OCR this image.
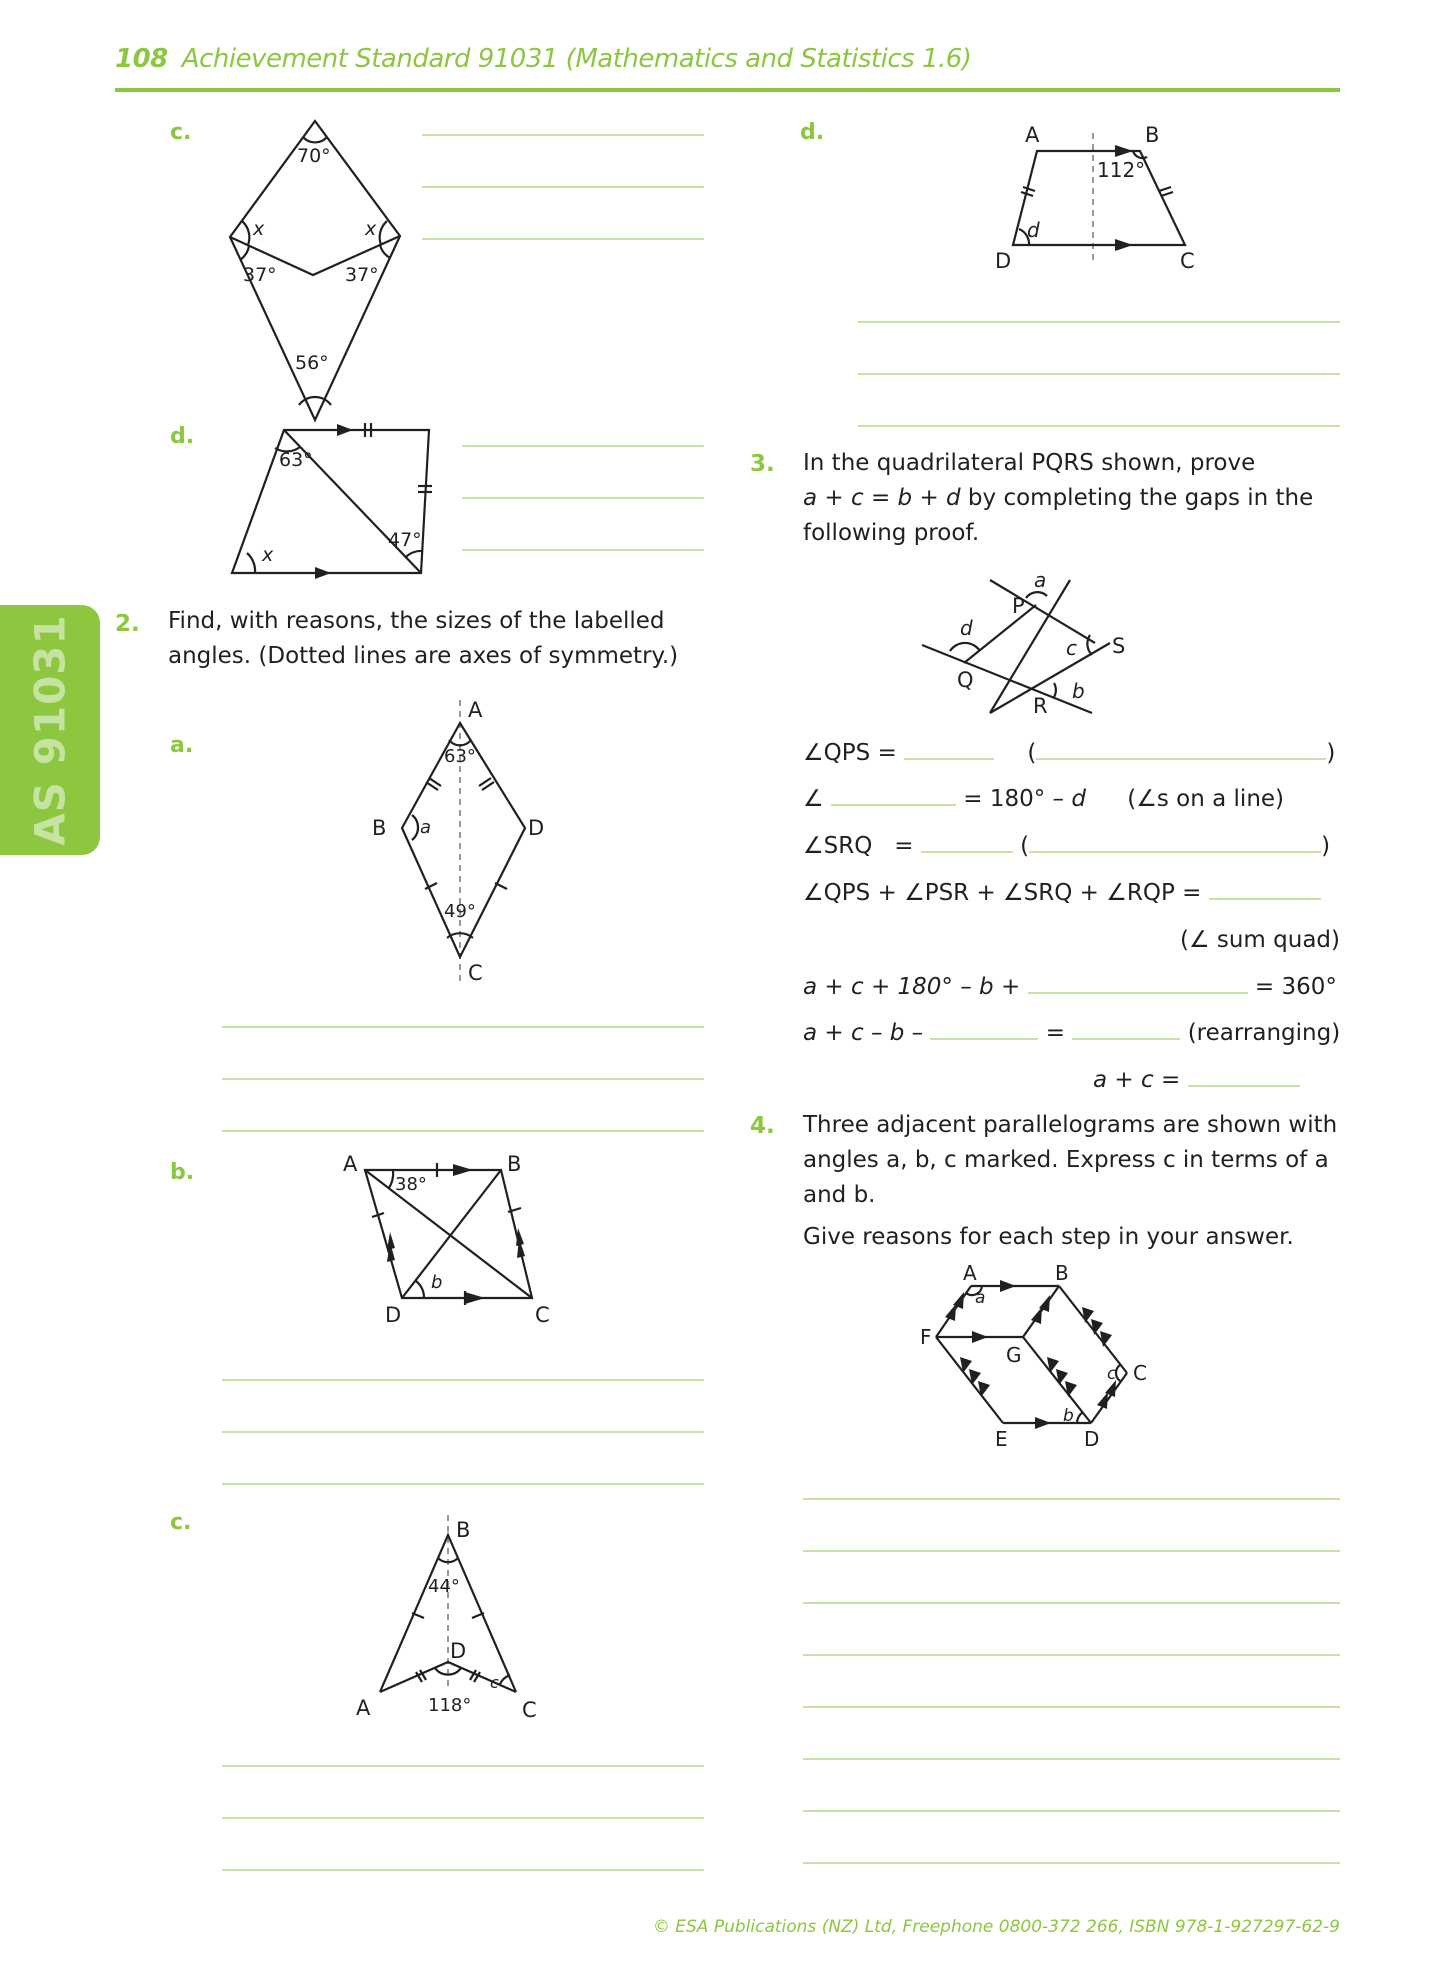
108 Achievement Standard 91031 (Mathematics and Statistics 1.6)
AS 91031
c.
70°
x	x
37°	37°
56°
d.
63°
47°
x
2. Find, with reasons, the sizes of the labelled
angles. (Dotted lines are axes of symmetry.)
a.
A
B
C
D
63°
a
49°
b.	A	B
C
D
38°
b
c.	B
A	C
D
44°
118°
c
d.	A	B
C
D
112°
d
3. In the quadrilateral PQRS shown, prove
a + c = b + d by completing the gaps in the
following proof.
P
Q
R
S
a
b
c
d
∠QPS =	(	)
∠	= 180° – d (∠s on a line)
∠SRQ   =	(	)
∠QPS + ∠PSR + ∠SRQ + ∠RQP =
(∠ sum quad)
a + c + 180° – b +	= 360°
a + c – b –	=	(rearranging)
a + c =
4. Three adjacent parallelograms are shown with
angles a, b, c marked. Express c in terms of a
and b.
Give reasons for each step in your answer.
A	B
C
D
E
F
G
a
b
c
© ESA Publications (NZ) Ltd, Freephone 0800-372 266, ISBN 978-1-927297-62-9
